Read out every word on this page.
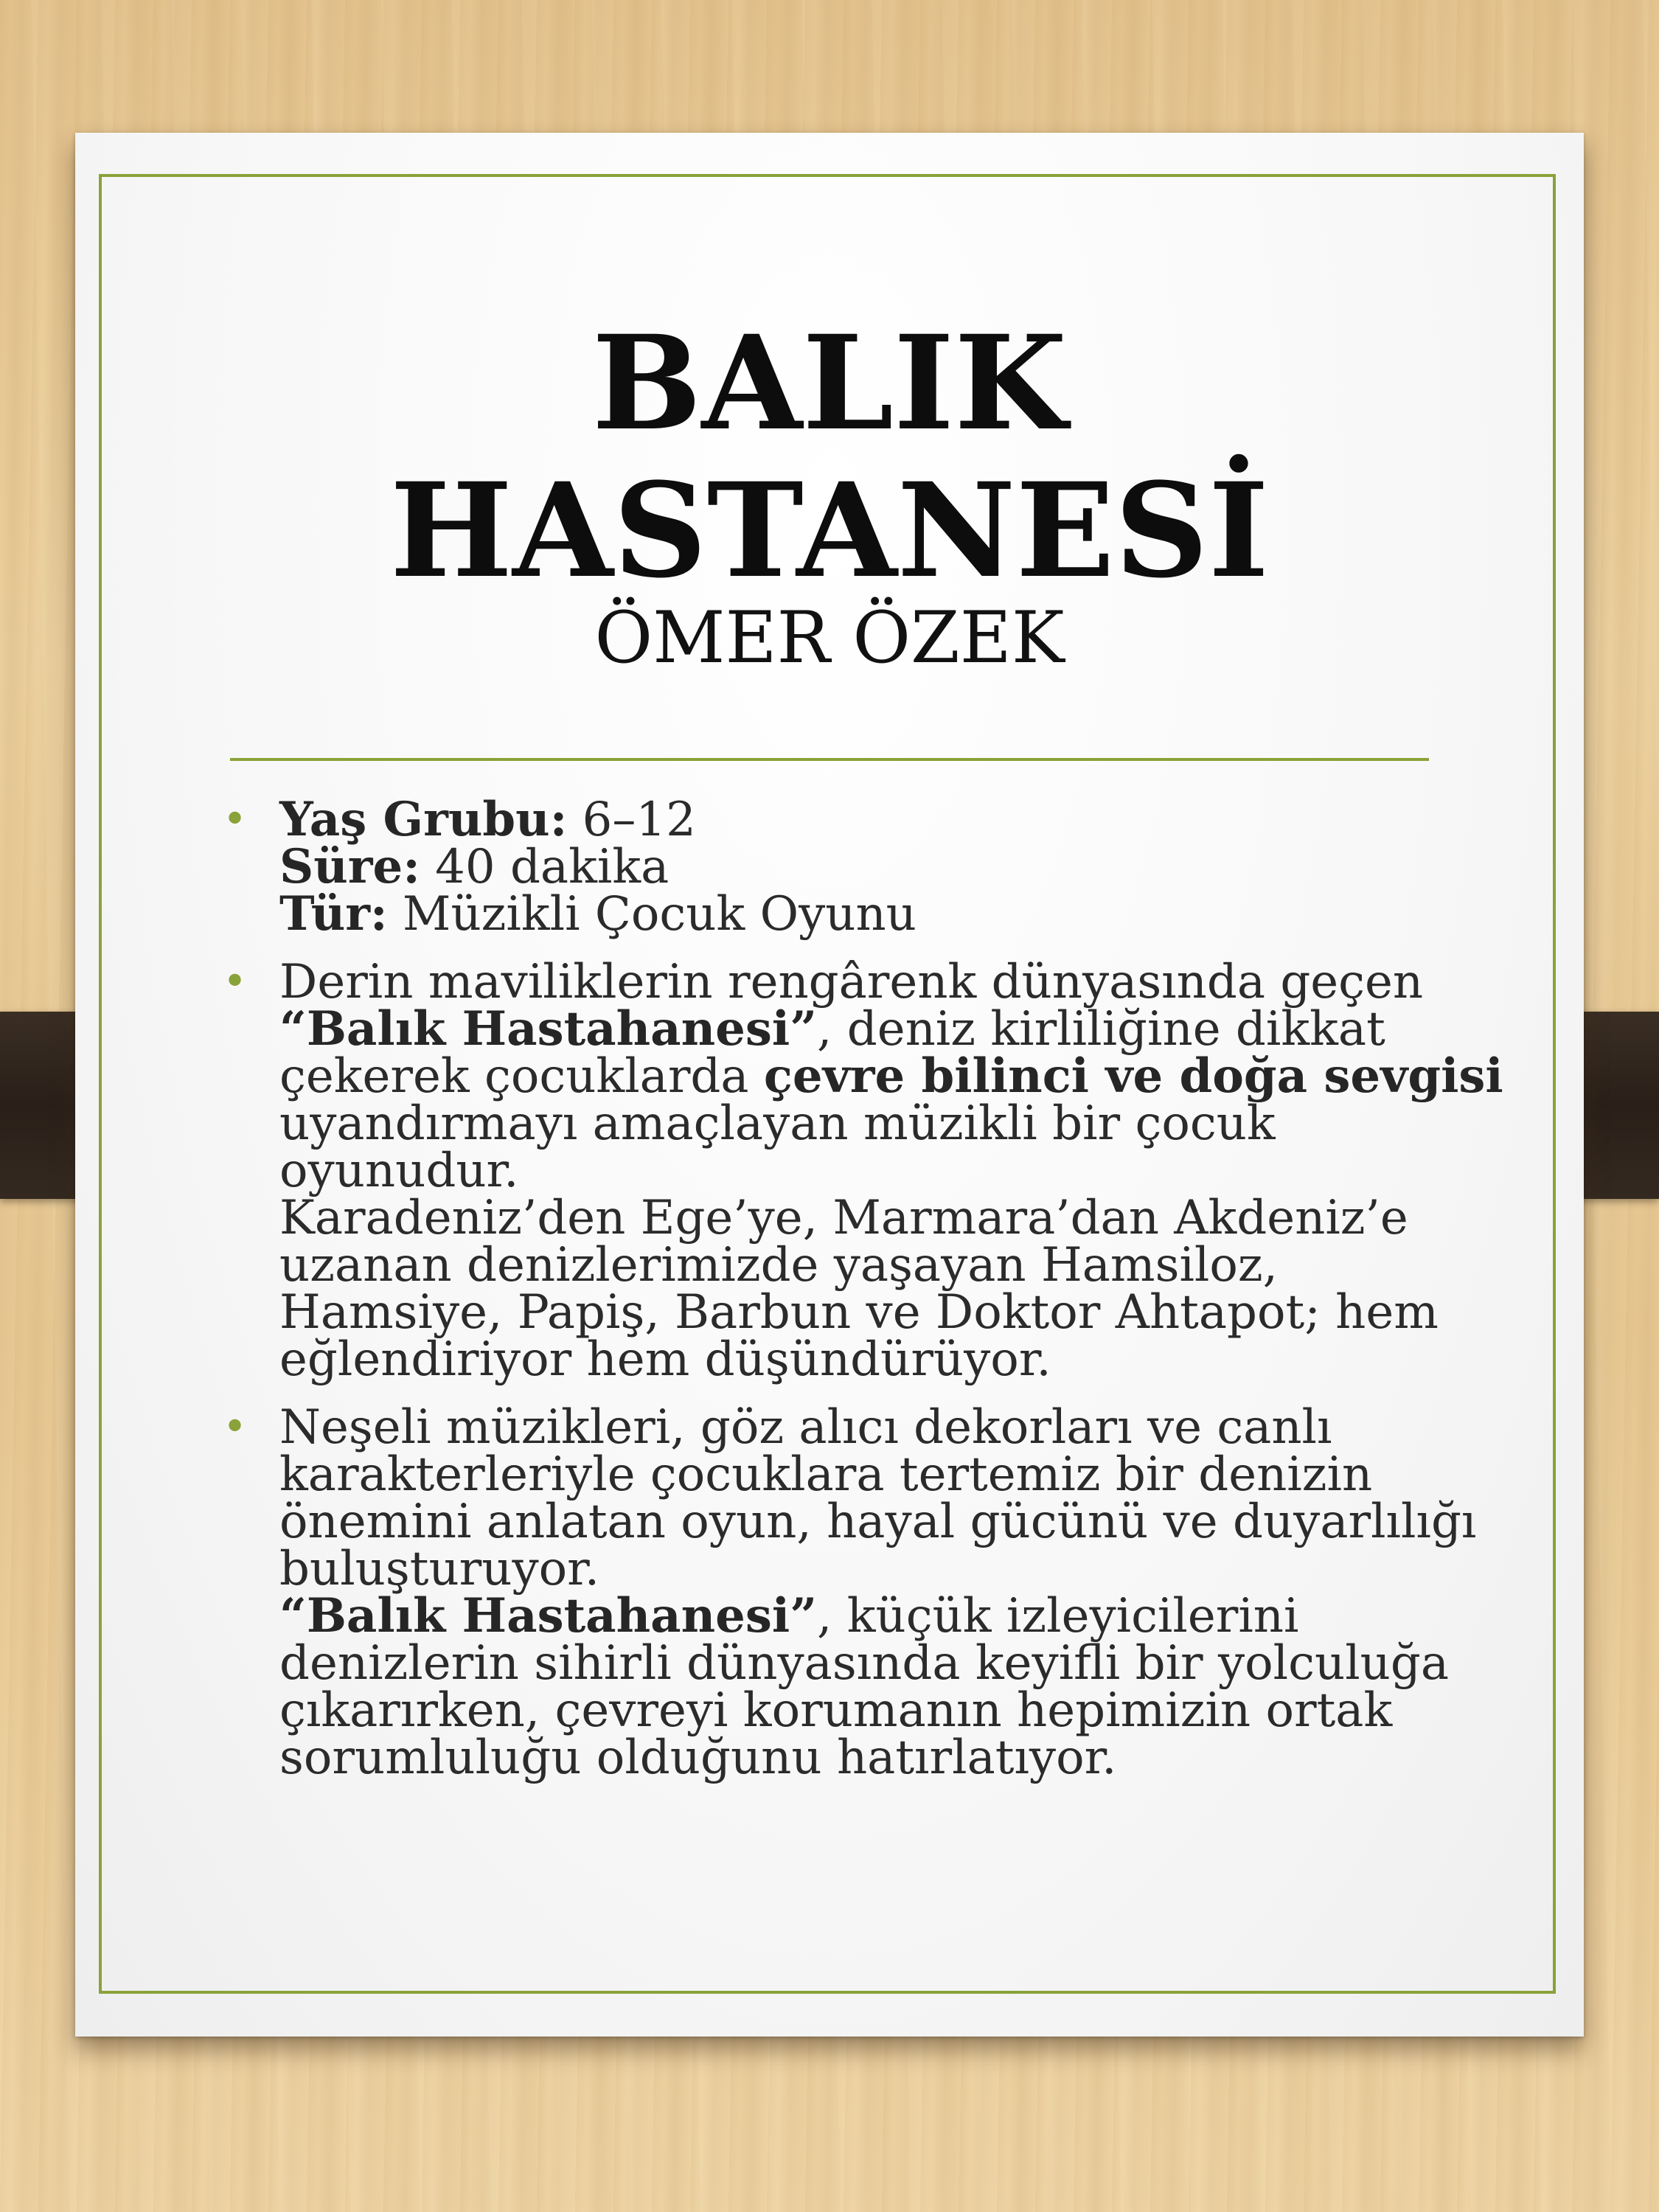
BALIK
HASTANESİ

ÖMER ÖZEK

• Yaş Grubu: 6–12
Süre: 40 dakika
Tür: Müzikli Çocuk Oyunu
• Derin maviliklerin rengârenk dünyasında geçen
“Balık Hastahanesi”, deniz kirliliğine dikkat
çekerek çocuklarda çevre bilinci ve doğa sevgisi
uyandırmayı amaçlayan müzikli bir çocuk
oyunudur.
Karadeniz’den Ege’ye, Marmara’dan Akdeniz’e
uzanan denizlerimizde yaşayan Hamsiloz,
Hamsiye, Papiş, Barbun ve Doktor Ahtapot; hem
eğlendiriyor hem düşündürüyor.
• Neşeli müzikleri, göz alıcı dekorları ve canlı
karakterleriyle çocuklara tertemiz bir denizin
önemini anlatan oyun, hayal gücünü ve duyarlılığı
buluşturuyor.
“Balık Hastahanesi”, küçük izleyicilerini
denizlerin sihirli dünyasında keyifli bir yolculuğa
çıkarırken, çevreyi korumanın hepimizin ortak
sorumluluğu olduğunu hatırlatıyor.
